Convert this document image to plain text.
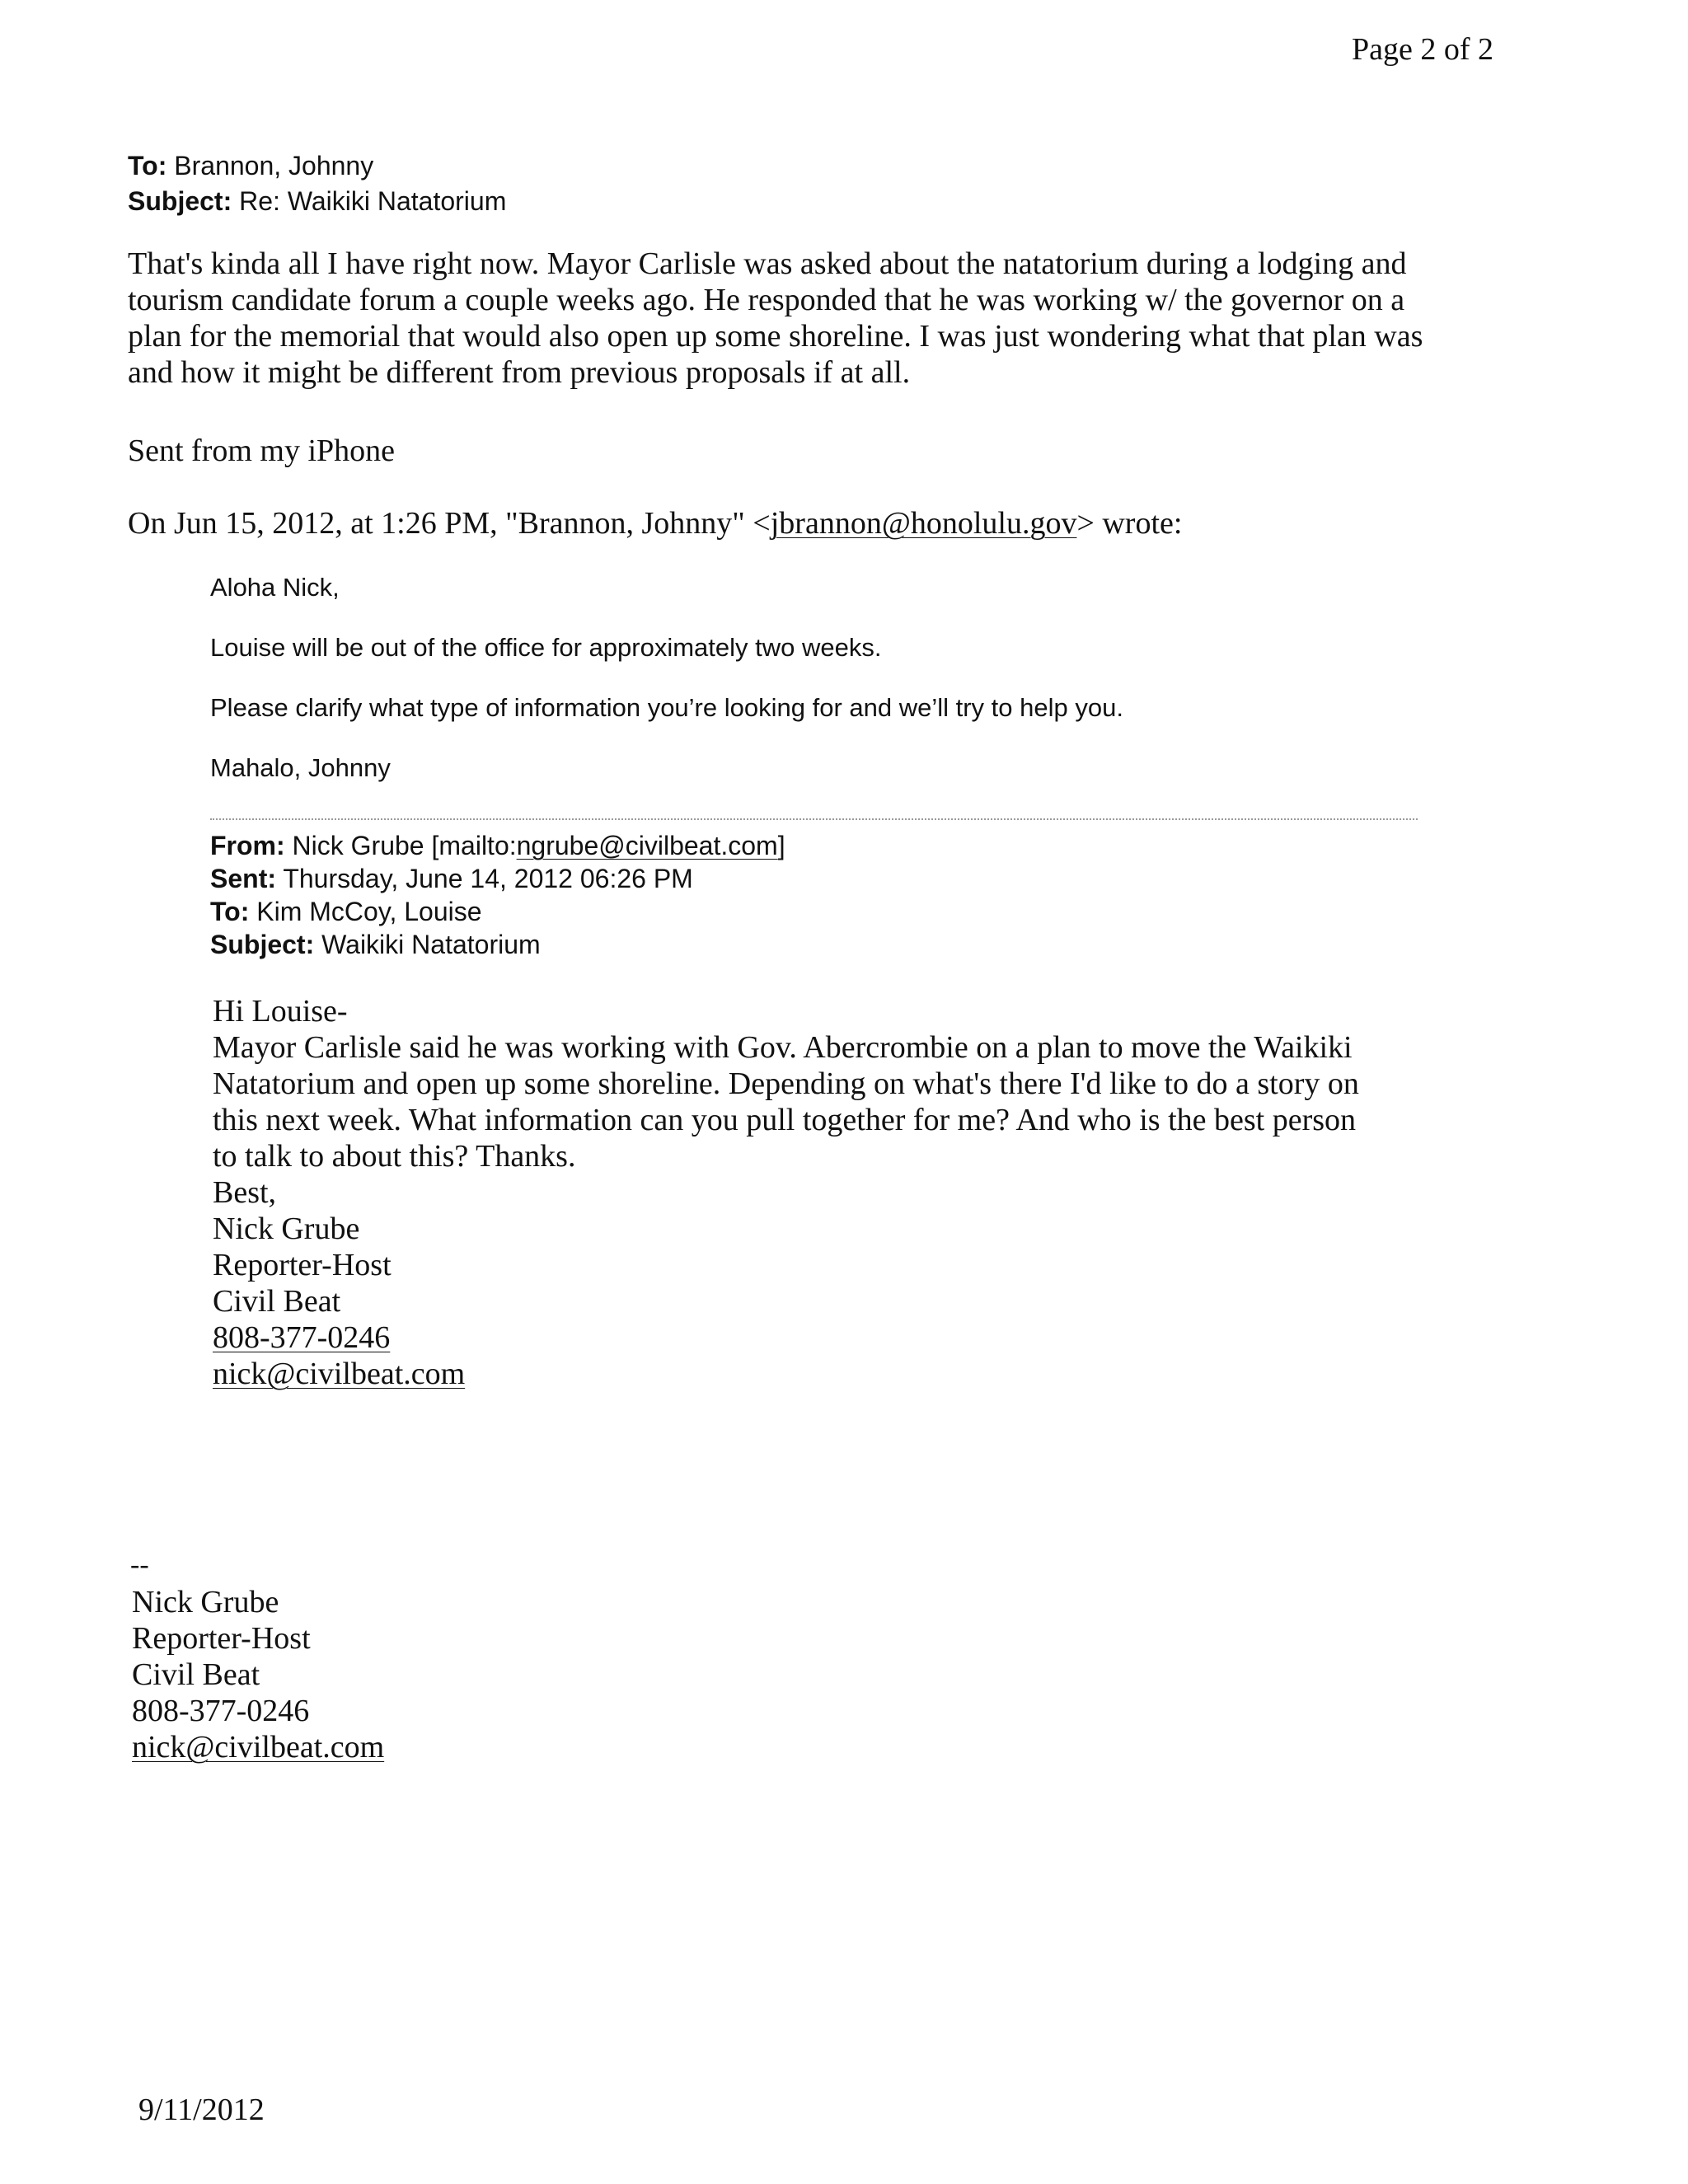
Page 2 of 2
To: Brannon, Johnny
Subject: Re: Waikiki Natatorium

That's kinda all I have right now. Mayor Carlisle was asked about the natatorium during a lodging and

tourism candidate forum a couple weeks ago. He responded that he was working w/ the governor on a

plan for the memorial that would also open up some shoreline. I was just wondering what that plan was

and how it might be different from previous proposals if at all.

Sent from my iPhone
On Jun 15, 2012, at 1:26 PM, "Brannon, Johnny" <jbrannon@honolulu.gov> wrote:
Aloha Nick,
Louise will be out of the office for approximately two weeks.
Please clarify what type of information you’re looking for and we’ll try to help you.
Mahalo, Johnny
From: Nick Grube [mailto:ngrube@civilbeat.com]
Sent: Thursday, June 14, 2012 06:26 PM
To: Kim McCoy, Louise
Subject: Waikiki Natatorium
Hi Louise-
Mayor Carlisle said he was working with Gov. Abercrombie on a plan to move the Waikiki
Natatorium and open up some shoreline. Depending on what's there I'd like to do a story on
this next week. What information can you pull together for me? And who is the best person
to talk to about this? Thanks.
Best,
Nick Grube
Reporter-Host
Civil Beat
808-377-0246
nick@civilbeat.com
--
Nick Grube
Reporter-Host
Civil Beat
808-377-0246
nick@civilbeat.com
9/11/2012
